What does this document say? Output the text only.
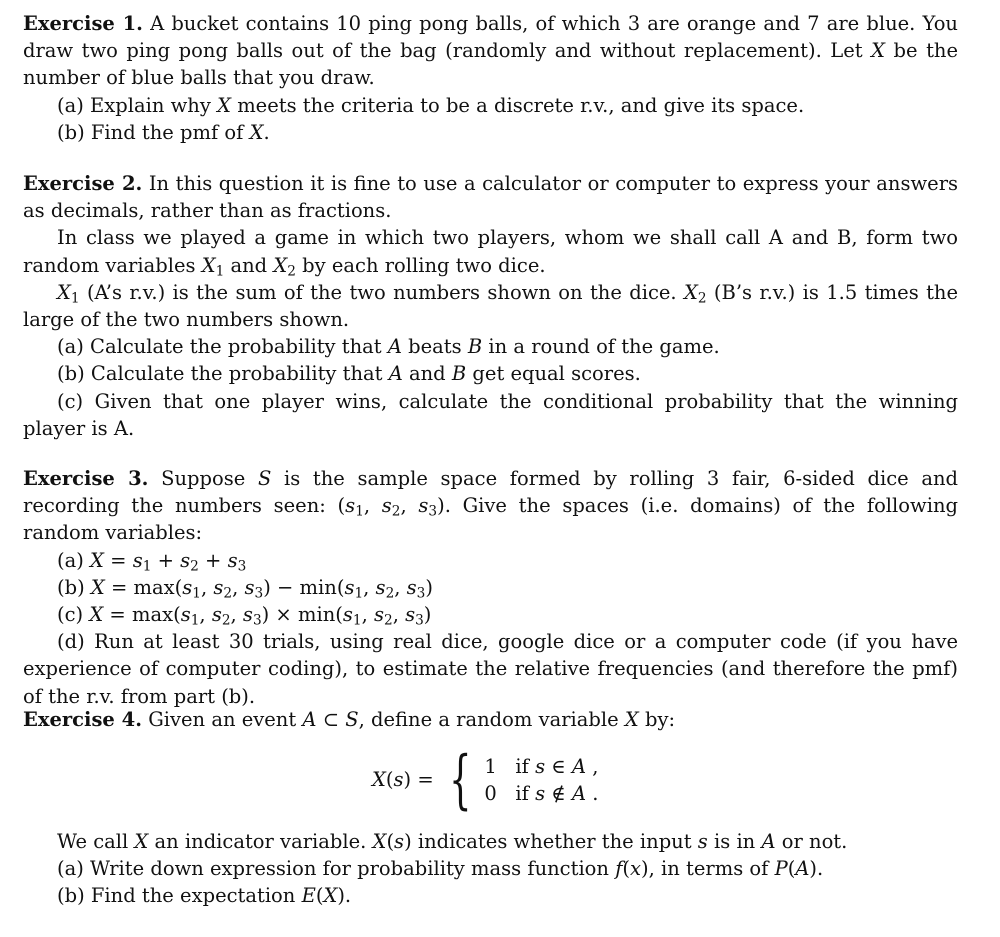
Exercise 1. A bucket contains 10 ping pong balls, of which 3 are orange and 7 are blue. You draw two ping pong balls out of the bag (randomly and without replacement). Let X be the number of blue balls that you draw.

(a) Explain why X meets the criteria to be a discrete r.v., and give its space.

(b) Find the pmf of X.

Exercise 2. In this question it is fine to use a calculator or computer to express your answers as decimals, rather than as fractions.

In class we played a game in which two players, whom we shall call A and B, form two random variables $X_1$ and $X_2$ by each rolling two dice.

$X_1$ (A’s r.v.) is the sum of the two numbers shown on the dice. $X_2$ (B’s r.v.) is 1.5 times the large of the two numbers shown.

(a) Calculate the probability that A beats B in a round of the game.

(b) Calculate the probability that A and B get equal scores.

(c) Given that one player wins, calculate the conditional probability that the winning player is A.

Exercise 3. Suppose S is the sample space formed by rolling 3 fair, 6-sided dice and recording the numbers seen: ($s_1$, $s_2$, $s_3$). Give the spaces (i.e. domains) of the following random variables:

(a) $X = s_1 + s_2 + s_3$

(b) $X = \max(s_1$, $s_2$, $s_3) - \min(s_1$, $s_2$, $s_3$)

(c) $X = \max(s_1$, $s_2$, $s_3) \times \min(s_1$, $s_2$, $s_3$)

(d) Run at least 30 trials, using real dice, google dice or a computer code (if you have experience of computer coding), to estimate the relative frequencies (and therefore the pmf) of the r.v. from part (b).

Exercise 4. Given an event A ⊂ S, define a random variable X by:

X ( s ) = { 1 if s ∈ A ,
0 if s ∉ A .

We call X an indicator variable. X(s) indicates whether the input s is in A or not.

(a) Write down expression for probability mass function f(x), in terms of P(A).

(b) Find the expectation E(X).
